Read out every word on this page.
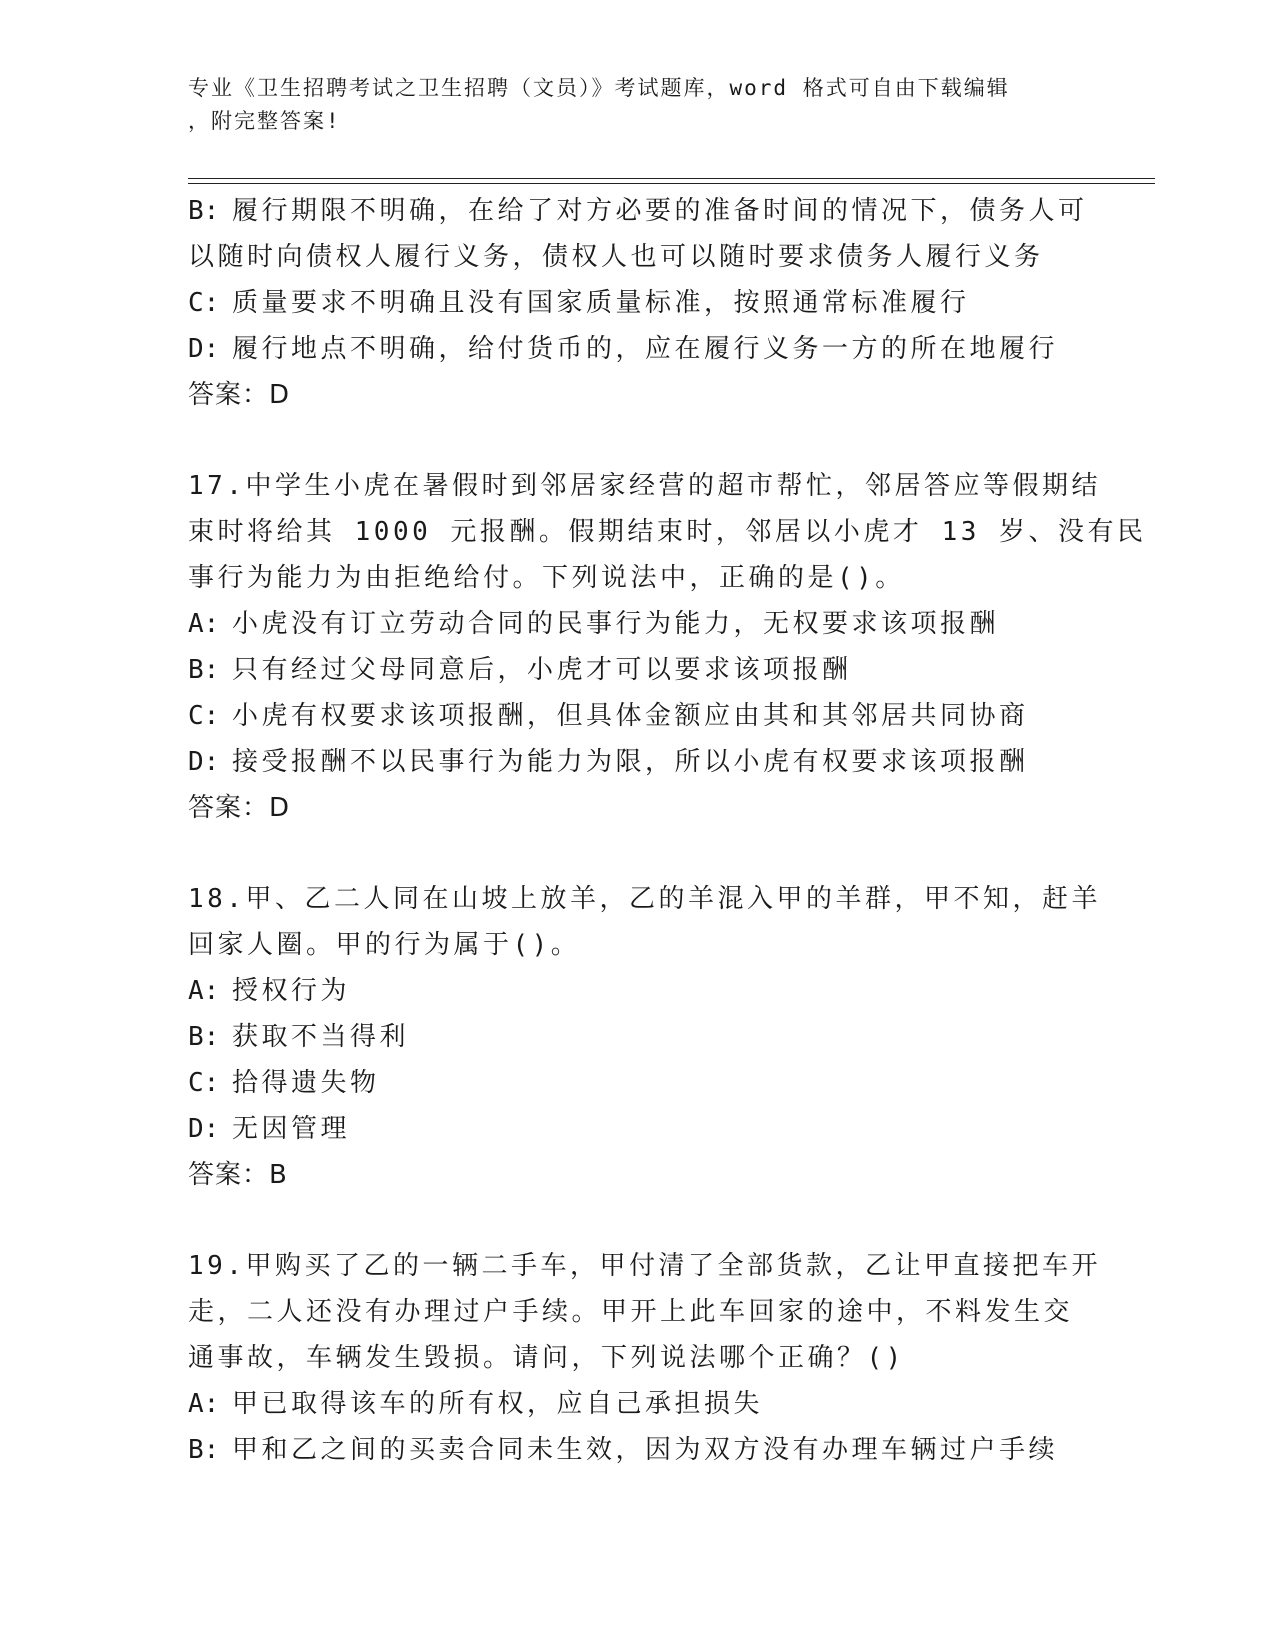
专业《卫生招聘考试之卫生招聘（文员）》考试题库，word 格式可自由下载编辑
，附完整答案!
B: 履行期限不明确，在给了对方必要的准备时间的情况下，债务人可
以随时向债权人履行义务，债权人也可以随时要求债务人履行义务
C: 质量要求不明确且没有国家质量标准，按照通常标准履行
D: 履行地点不明确，给付货币的，应在履行义务一方的所在地履行
答案：D
17.中学生小虎在暑假时到邻居家经营的超市帮忙，邻居答应等假期结
束时将给其 1000 元报酬。假期结束时，邻居以小虎才 13 岁、没有民
事行为能力为由拒绝给付。下列说法中，正确的是()。
A: 小虎没有订立劳动合同的民事行为能力，无权要求该项报酬
B: 只有经过父母同意后，小虎才可以要求该项报酬
C: 小虎有权要求该项报酬，但具体金额应由其和其邻居共同协商
D: 接受报酬不以民事行为能力为限，所以小虎有权要求该项报酬
答案：D
18.甲、乙二人同在山坡上放羊，乙的羊混入甲的羊群，甲不知，赶羊
回家人圈。甲的行为属于()。
A: 授权行为
B: 获取不当得利
C: 拾得遗失物
D: 无因管理
答案：B
19.甲购买了乙的一辆二手车，甲付清了全部货款，乙让甲直接把车开
走，二人还没有办理过户手续。甲开上此车回家的途中，不料发生交
通事故，车辆发生毁损。请问，下列说法哪个正确？()
A: 甲已取得该车的所有权，应自己承担损失
B: 甲和乙之间的买卖合同未生效，因为双方没有办理车辆过户手续
